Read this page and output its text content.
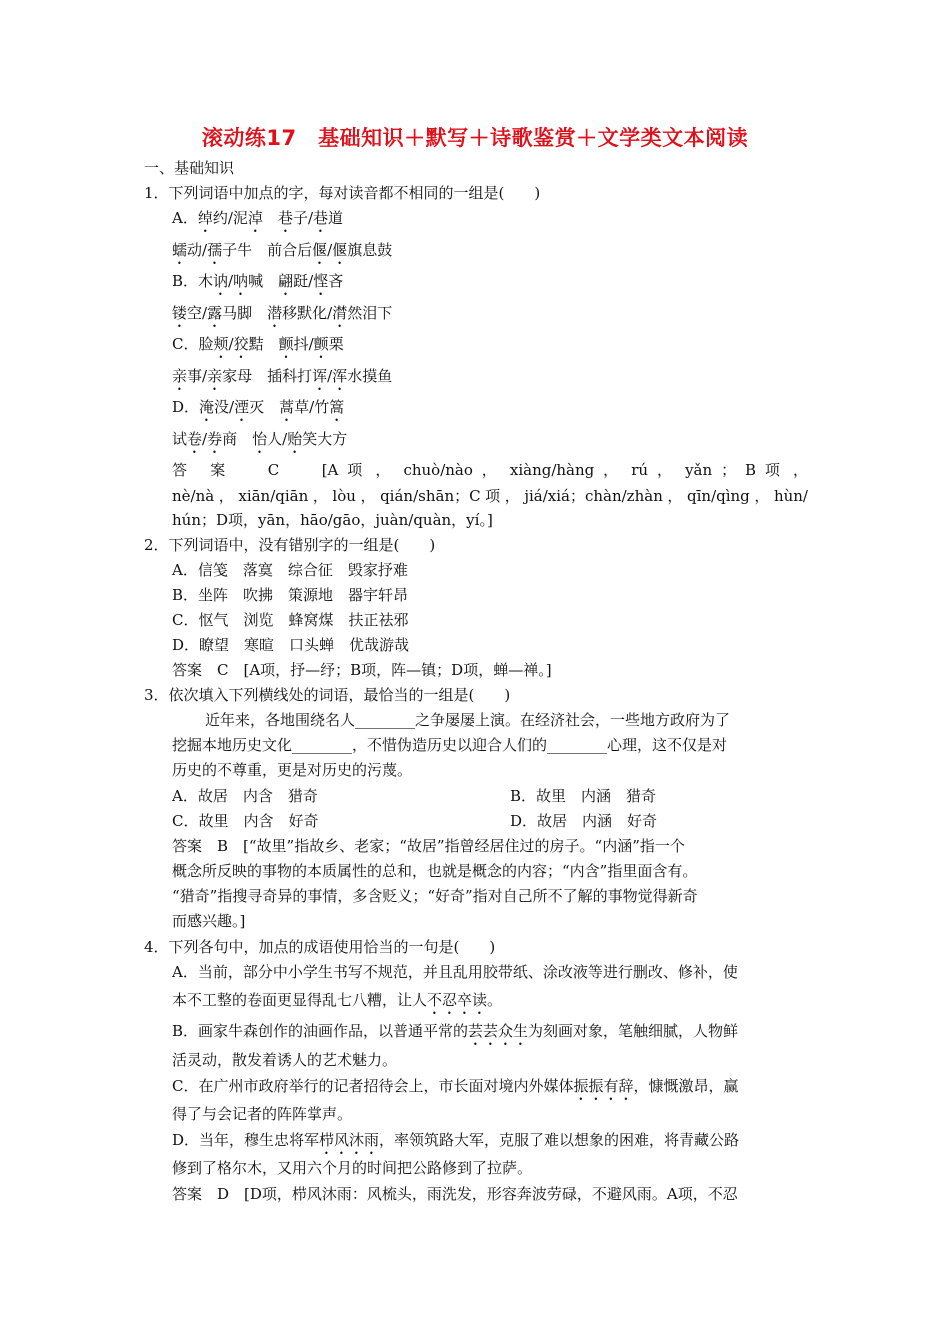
滚动练17　基础知识＋默写＋诗歌鉴赏＋文学类文本阅读
一、基础知识
1．下列词语中加点的字，每对读音都不相同的一组是(　　)
A．绰约/泥淖　 巷子/巷道
蠕动/孺子牛　前合后偃/偃旗息鼓
B．木讷/呐喊　翩跹/悭吝
镂空/露马脚　潜移默化/潸然泪下
C．脸颊/狡黠　颤抖/颤栗
亲事/亲家母　插科打诨/浑水摸鱼
D．淹没/湮灭　蒿草/竹篙
试卷/券商　怡人/贻笑大方
答　案　　C　　[A 项 ， chuò/nào ， xiàng/hàng ， rú ， yǎn ； B 项 ，
nè/nà，xiān/qiān，lòu，qián/shān；C项，jiá/xiá；chàn/zhàn，qīn/qìng，hùn/
hún；D项，yān，hāo/gāo，juàn/quàn，yí。]
2．下列词语中，没有错别字的一组是(　　)
A．信笺　落寞　综合征　毁家抒难
B．坐阵　吹拂　策源地　器宇轩昂
C．怄气　浏览　蜂窝煤　扶正祛邪
D．瞭望　寒暄　口头蝉　优哉游哉
答案　C　[A项，抒—纾；B项，阵—镇；D项，蝉—禅。]
3．依次填入下列横线处的词语，最恰当的一组是(　　)
近年来，各地围绕名人________之争屡屡上演。在经济社会，一些地方政府为了
挖掘本地历史文化________，不惜伪造历史以迎合人们的________心理，这不仅是对
历史的不尊重，更是对历史的污蔑。
A．故居　内含　猎奇	B．故里　内涵　猎奇
C．故里　内含　好奇	D．故居　内涵　好奇
答案　B　[“故里”指故乡、老家；“故居”指曾经居住过的房子。“内涵”指一个
概念所反映的事物的本质属性的总和，也就是概念的内容；“内含”指里面含有。
“猎奇”指搜寻奇异的事情，多含贬义；“好奇”指对自己所不了解的事物觉得新奇
而感兴趣。]
4．下列各句中，加点的成语使用恰当的一句是(　　)
A．当前，部分中小学生书写不规范，并且乱用胶带纸、涂改液等进行删改、修补，使
本不工整的卷面更显得乱七八糟，让人不忍卒读。
B．画家牛森创作的油画作品，以普通平常的芸芸众生为刻画对象，笔触细腻，人物鲜
活灵动，散发着诱人的艺术魅力。
C．在广州市政府举行的记者招待会上，市长面对境内外媒体振振有辞，慷慨激昂，赢
得了与会记者的阵阵掌声。
D．当年，穆生忠将军栉风沐雨，率领筑路大军，克服了难以想象的困难，将青藏公路
修到了格尔木，又用六个月的时间把公路修到了拉萨。
答案　D　[D项，栉风沐雨：风梳头，雨洗发，形容奔波劳碌，不避风雨。A项，不忍
